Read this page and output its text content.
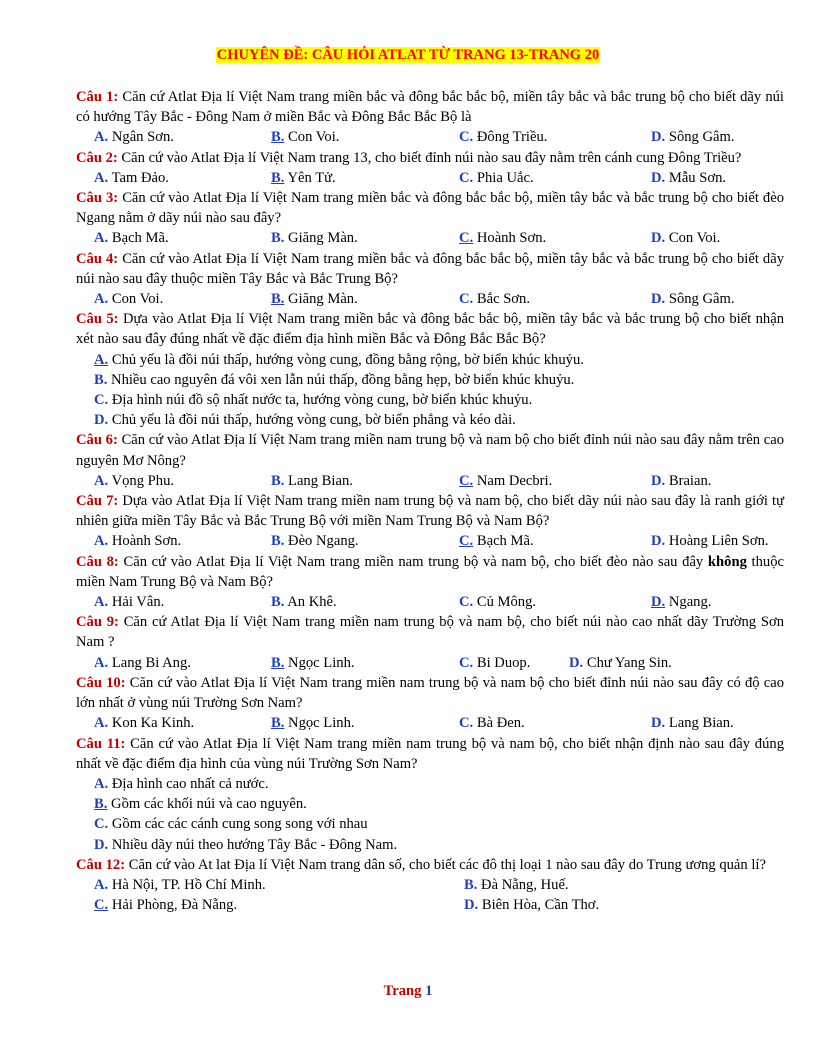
CHUYÊN ĐỀ: CÂU HỎI ATLAT TỪ TRANG 13-TRANG 20
Câu 1: Căn cứ Atlat Địa lí Việt Nam trang miền bắc và đông bắc bắc bộ, miền tây bắc và bắc trung bộ cho biết dãy núi có hướng Tây Bắc - Đông Nam ở miền Bắc và Đông Bắc Bắc Bộ là
A. Ngân Sơn.	B. Con Voi.	C. Đông Triều.	D. Sông Gâm.
Câu 2: Căn cứ vào Atlat Địa lí Việt Nam trang 13, cho biết đỉnh núi nào sau đây nằm trên cánh cung Đông Triều?
A. Tam Đảo.	B. Yên Tử.	C. Phia Uắc.	D. Mẫu Sơn.
Câu 3: Căn cứ vào Atlat Địa lí Việt Nam trang miền bắc và đông bắc bắc bộ, miền tây bắc và bắc trung bộ cho biết đèo Ngang nằm ở dãy núi nào sau đây?
A. Bạch Mã.	B. Giăng Màn.	C. Hoành Sơn.	D. Con Voi.
Câu 4: Căn cứ vào Atlat Địa lí Việt Nam trang miền bắc và đông bắc bắc bộ, miền tây bắc và bắc trung bộ cho biết dãy núi nào sau đây thuộc miền Tây Bắc và Bắc Trung Bộ?
A. Con Voi.	B. Giăng Màn.	C. Bắc Sơn.	D. Sông Gâm.
Câu 5: Dựa vào Atlat Địa lí Việt Nam trang miền bắc và đông bắc bắc bộ, miền tây bắc và bắc trung bộ cho biết nhận xét nào sau đây đúng nhất về đặc điểm địa hình miền Bắc và Đông Bắc Bắc Bộ?
A. Chủ yếu là đồi núi thấp, hướng vòng cung, đồng bằng rộng, bờ biển khúc khuỷu.
B. Nhiều cao nguyên đá vôi xen lẫn núi thấp, đồng bằng hẹp, bờ biển khúc khuỷu.
C. Địa hình núi đồ sộ nhất nước ta, hướng vòng cung, bờ biển khúc khuỷu.
D. Chủ yếu là đồi núi thấp, hướng vòng cung, bờ biển phẳng và kéo dài.
Câu 6: Căn cứ vào Atlat Địa lí Việt Nam trang miền nam trung bộ và nam bộ cho biết đỉnh núi nào sau đây nằm trên cao nguyên Mơ Nông?
A. Vọng Phu.	B. Lang Bian.	C. Nam Decbri.	D. Braian.
Câu 7: Dựa vào Atlat Địa lí Việt Nam trang miền nam trung bộ và nam bộ, cho biết dãy núi nào sau đây là ranh giới tự nhiên giữa miền Tây Bắc và Bắc Trung Bộ với miền Nam Trung Bộ và Nam Bộ?
A. Hoành Sơn.	B. Đèo Ngang.	C. Bạch Mã.	D. Hoàng Liên Sơn.
Câu 8: Căn cứ vào Atlat Địa lí Việt Nam trang miền nam trung bộ và nam bộ, cho biết đèo nào sau đây không thuộc miền Nam Trung Bộ và Nam Bộ?
A. Hải Vân.	B. An Khê.	C. Củ Mông.	D. Ngang.
Câu 9: Căn cứ Atlat Địa lí Việt Nam trang miền nam trung bộ và nam bộ, cho biết núi nào cao nhất dãy Trường Sơn Nam ?
A. Lang Bi Ang.	B. Ngọc Linh.	C. Bi Duop.	D. Chư Yang Sin.
Câu 10: Căn cứ vào Atlat Địa lí Việt Nam trang miền nam trung bộ và nam bộ cho biết đỉnh núi nào sau đây có độ cao lớn nhất ở vùng núi Trường Sơn Nam?
A. Kon Ka Kinh.	B. Ngọc Linh.	C. Bà Đen.	D. Lang Bian.
Câu 11: Căn cứ vào Atlat Địa lí Việt Nam trang miền nam trung bộ và nam bộ, cho biết nhận định nào sau đây đúng nhất về đặc điểm địa hình của vùng núi Trường Sơn Nam?
A. Địa hình cao nhất cả nước.
B. Gồm các khối núi và cao nguyên.
C. Gồm các các cánh cung song song với nhau
D. Nhiều dãy núi theo hướng Tây Bắc - Đông Nam.
Câu 12: Căn cứ vào At lat Địa lí Việt Nam trang dân số, cho biết các đô thị loại 1 nào sau đây do Trung ương quản lí?
A. Hà Nội, TP. Hồ Chí Minh.	B. Đà Nẵng, Huế.
C. Hải Phòng, Đà Nẵng.	D. Biên Hòa, Cần Thơ.
Trang 1
